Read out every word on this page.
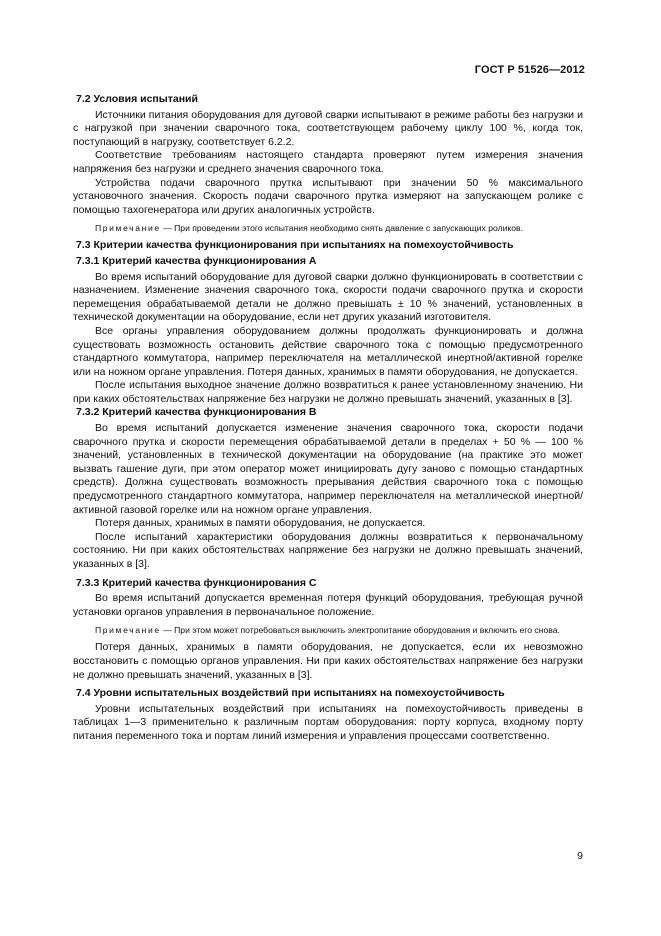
ГОСТ Р 51526—2012

7.2 Условия испытаний

Источники питания оборудования для дуговой сварки испытывают в режиме работы без нагрузки и с нагрузкой при значении сварочного тока, соответствующем рабочему циклу 100 %, когда ток, поступающий в нагрузку, соответствует 6.2.2.

Соответствие требованиям настоящего стандарта проверяют путем измерения значения напряжения без нагрузки и среднего значения сварочного тока.

Устройства подачи сварочного прутка испытывают при значении 50 % максимального установочного значения. Скорость подачи сварочного прутка измеряют на запускающем ролике с помощью тахогенератора или других аналогичных устройств.

Примечание — При проведении этого испытания необходимо снять давление с запускающих роликов.

7.3 Критерии качества функционирования при испытаниях на помехоустойчивость

7.3.1 Критерий качества функционирования А

Во время испытаний оборудование для дуговой сварки должно функционировать в соответствии с назначением. Изменение значения сварочного тока, скорости подачи сварочного прутка и скорости перемещения обрабатываемой детали не должно превышать ± 10 % значений, установленных в технической документации на оборудование, если нет других указаний изготовителя.

Все органы управления оборудованием должны продолжать функционировать и должна существовать возможность остановить действие сварочного тока с помощью предусмотренного стандартного коммутатора, например переключателя на металлической инертной/активной горелке или на ножном органе управления. Потеря данных, хранимых в памяти оборудования, не допускается.

После испытания выходное значение должно возвратиться к ранее установленному значению. Ни при каких обстоятельствах напряжение без нагрузки не должно превышать значений, указанных в [3].

7.3.2 Критерий качества функционирования В

Во время испытаний допускается изменение значения сварочного тока, скорости подачи сварочного прутка и скорости перемещения обрабатываемой детали в пределах + 50 % — 100 % значений, установленных в технической документации на оборудование (на практике это может вызвать гашение дуги, при этом оператор может инициировать дугу заново с помощью стандартных средств). Должна существовать возможность прерывания действия сварочного тока с помощью предусмотренного стандартного коммутатора, например переключателя на металлической инертной/активной газовой горелке или на ножном органе управления.

Потеря данных, хранимых в памяти оборудования, не допускается.

После испытаний характеристики оборудования должны возвратиться к первоначальному состоянию. Ни при каких обстоятельствах напряжение без нагрузки не должно превышать значений, указанных в [3].

7.3.3 Критерий качества функционирования С

Во время испытаний допускается временная потеря функций оборудования, требующая ручной установки органов управления в первоначальное положение.

Примечание — При этом может потребоваться выключить электропитание оборудования и включить его снова.

Потеря данных, хранимых в памяти оборудования, не допускается, если их невозможно восстановить с помощью органов управления. Ни при каких обстоятельствах напряжение без нагрузки не должно превышать значений, указанных в [3].

7.4 Уровни испытательных воздействий при испытаниях на помехоустойчивость

Уровни испытательных воздействий при испытаниях на помехоустойчивость приведены в таблицах 1—3 применительно к различным портам оборудования: порту корпуса, входному порту питания переменного тока и портам линий измерения и управления процессами соответственно.

9
